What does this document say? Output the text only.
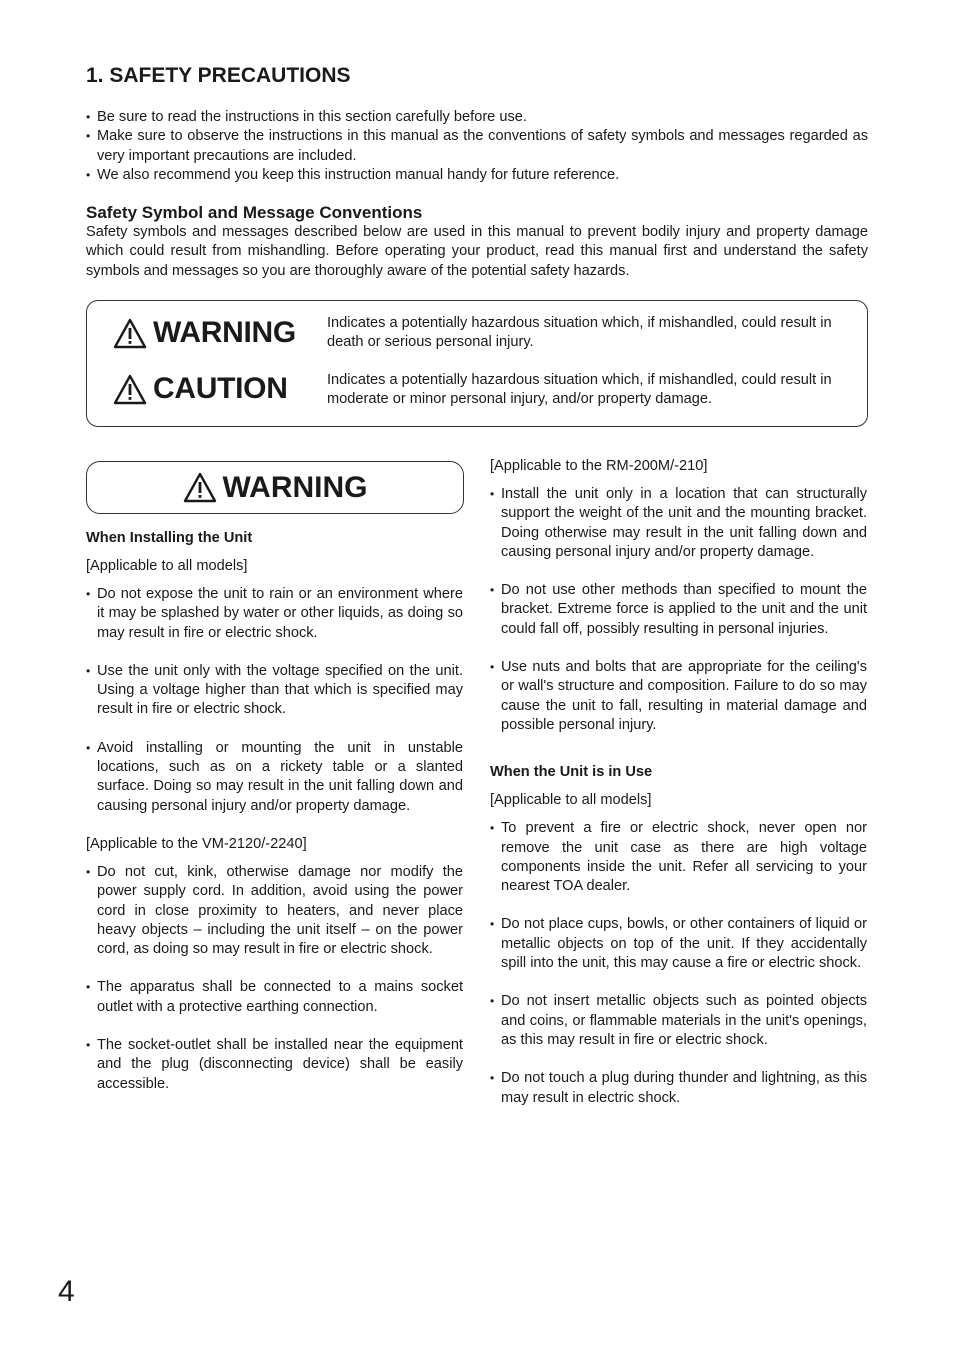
1. SAFETY PRECAUTIONS
• Be sure to read the instructions in this section carefully before use.
• Make sure to observe the instructions in this manual as the conventions of safety symbols and messages regarded as very important precautions are included.
• We also recommend you keep this instruction manual handy for future reference.
Safety Symbol and Message Conventions

Safety symbols and messages described below are used in this manual to prevent bodily injury and property damage which could result from mishandling. Before operating your product, read this manual first and understand the safety symbols and messages so you are thoroughly aware of the potential safety hazards.

WARNING Indicates a potentially hazardous situation which, if mishandled, could result in death or serious personal injury.
CAUTION	Indicates a potentially hazardous situation which, if mishandled, could result in moderate or minor personal injury, and/or property damage.
WARNING

When Installing the Unit

[Applicable to all models]

• Do not expose the unit to rain or an environment where it may be splashed by water or other liquids, as doing so may result in fire or electric shock.
• Use the unit only with the voltage specified on the unit. Using a voltage higher than that which is specified may result in fire or electric shock.
• Avoid installing or mounting the unit in unstable locations, such as on a rickety table or a slanted surface. Doing so may result in the unit falling down and causing personal injury and/or property damage.

[Applicable to the VM-2120/-2240]

• Do not cut, kink, otherwise damage nor modify the power supply cord. In addition, avoid using the power cord in close proximity to heaters, and never place heavy objects – including the unit itself – on the power cord, as doing so may result in fire or electric shock.
• The apparatus shall be connected to a mains socket outlet with a protective earthing connection.
• The socket-outlet shall be installed near the equipment and the plug (disconnecting device) shall be easily accessible.

[Applicable to the RM-200M/-210]

• Install the unit only in a location that can structurally support the weight of the unit and the mounting bracket. Doing otherwise may result in the unit falling down and causing personal injury and/or property damage.
• Do not use other methods than specified to mount the bracket. Extreme force is applied to the unit and the unit could fall off, possibly resulting in personal injuries.
• Use nuts and bolts that are appropriate for the ceiling's or wall's structure and composition. Failure to do so may cause the unit to fall, resulting in material damage and possible personal injury.

When the Unit is in Use

[Applicable to all models]

• To prevent a fire or electric shock, never open nor remove the unit case as there are high voltage components inside the unit. Refer all servicing to your nearest TOA dealer.
• Do not place cups, bowls, or other containers of liquid or metallic objects on top of the unit. If they accidentally spill into the unit, this may cause a fire or electric shock.
• Do not insert metallic objects such as pointed objects and coins, or flammable materials in the unit's openings, as this may result in fire or electric shock.
• Do not touch a plug during thunder and lightning, as this may result in electric shock.
4
